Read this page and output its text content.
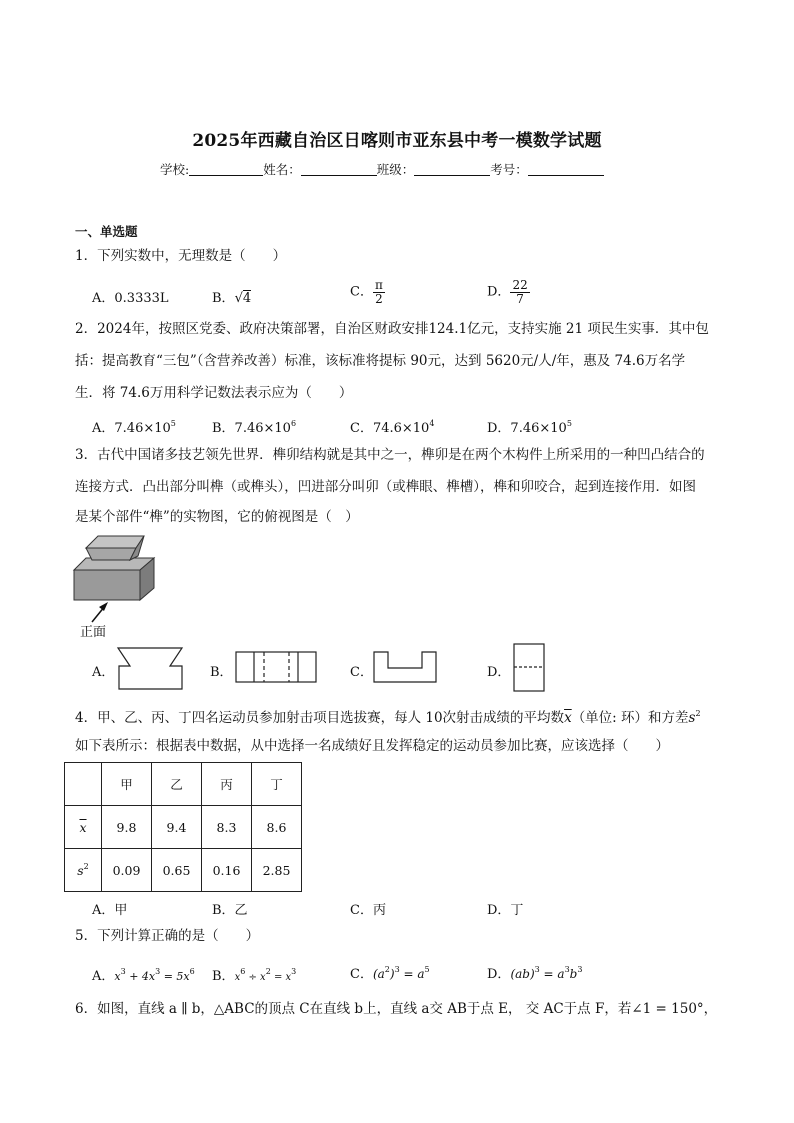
2025年西藏自治区日喀则市亚东县中考一模数学试题
学校:	姓名：	班级：	考号：
一、单选题
1．下列实数中，无理数是（　　）
A．0.3333L	B．√4	C． $\frac{\pi}{2}$	D． $\frac{22}{7}$
2．2024年，按照区党委、政府决策部署，自治区财政安排124.1亿元，支持实施 21 项民生实事．其中包
括：提高教育“三包”（含营养改善）标准，该标准将提标 90元，达到 5620元/人/年，惠及 74.6万名学
生．将 74.6万用科学记数法表示应为（　　）
A．$7.46\times 10^5$	B．$7.46\times 10^6$	C．$74.6\times 10^4$	D．$7.46\times 10^5$
3．古代中国诸多技艺领先世界．榫卯结构就是其中之一，榫卯是在两个木构件上所采用的一种凹凸结合的
连接方式．凸出部分叫榫（或榫头），凹进部分叫卯（或榫眼、榫槽），榫和卯咬合，起到连接作用．如图
是某个部件“榫”的实物图，它的俯视图是（　）
正面
A．	B．	C．	D．
4．甲、乙、丙、丁四名运动员参加射击项目选拔赛，每人 10次射击成绩的平均数$\overline{x}$（单位: 环）和方差$s^2$
如下表所示：根据表中数据，从中选择一名成绩好且发挥稳定的运动员参加比赛，应该选择（　　）
	甲	乙	丙	丁
$\overline{x}$	9.8	9.4	8.3	8.6
$s^2$	0.09	0.65	0.16	2.85
A．甲	B．乙	C．丙	D．丁
5．下列计算正确的是（　　）
A．$x^3 + 4x^3 = 5x^6$ B．$x^6 \div x^2 = x^3$	C．$(a^2)^3 = a^5$	D．$(ab)^3 = a^3b^3$
6．如图，直线 a ∥ b，△ABC的顶点 C在直线 b上，直线 a交 AB于点 E， 交 AC于点 F，若∠1 = 150°，
